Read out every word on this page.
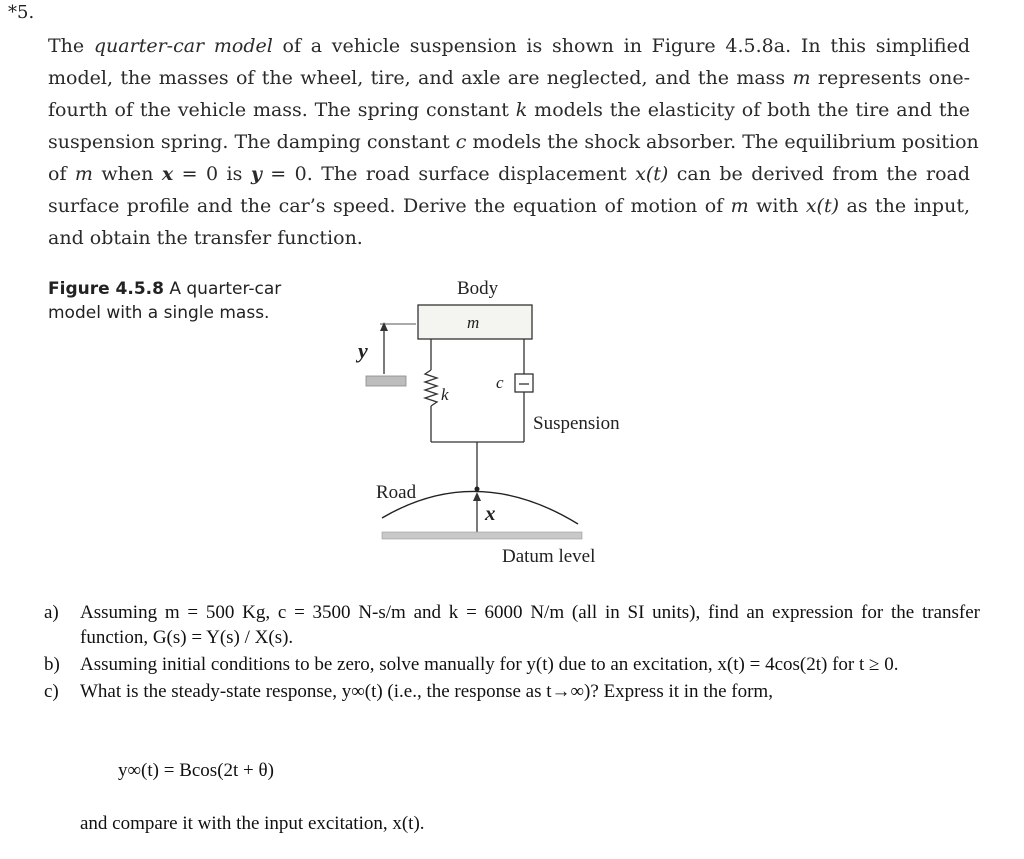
*5.

The quarter-car model of a vehicle suspension is shown in Figure 4.5.8a. In this simplified
model, the masses of the wheel, tire, and axle are neglected, and the mass m represents one-
fourth of the vehicle mass. The spring constant k models the elasticity of both the tire and the
suspension spring. The damping constant c models the shock absorber. The equilibrium position
of m when x = 0 is y = 0. The road surface displacement x(t) can be derived from the road
surface profile and the car’s speed. Derive the equation of motion of m with x(t) as the input,
and obtain the transfer function.

Figure 4.5.8 A quarter-car model with a single mass.
Body
m
y
k
c
Suspension
Road
x
Datum level
a)	Assuming m = 500 Kg, c = 3500 N-s/m and k = 6000 N/m (all in SI units), find an expression for the transfer function, G(s) = Y(s) / X(s).
b)	Assuming initial conditions to be zero, solve manually for y(t) due to an excitation, x(t) = 4cos(2t) for t ≥ 0.
c)	What is the steady-state response, y∞(t) (i.e., the response as t→∞)? Express it in the form,
y∞(t) = Bcos(2t + θ)
and compare it with the input excitation, x(t).
